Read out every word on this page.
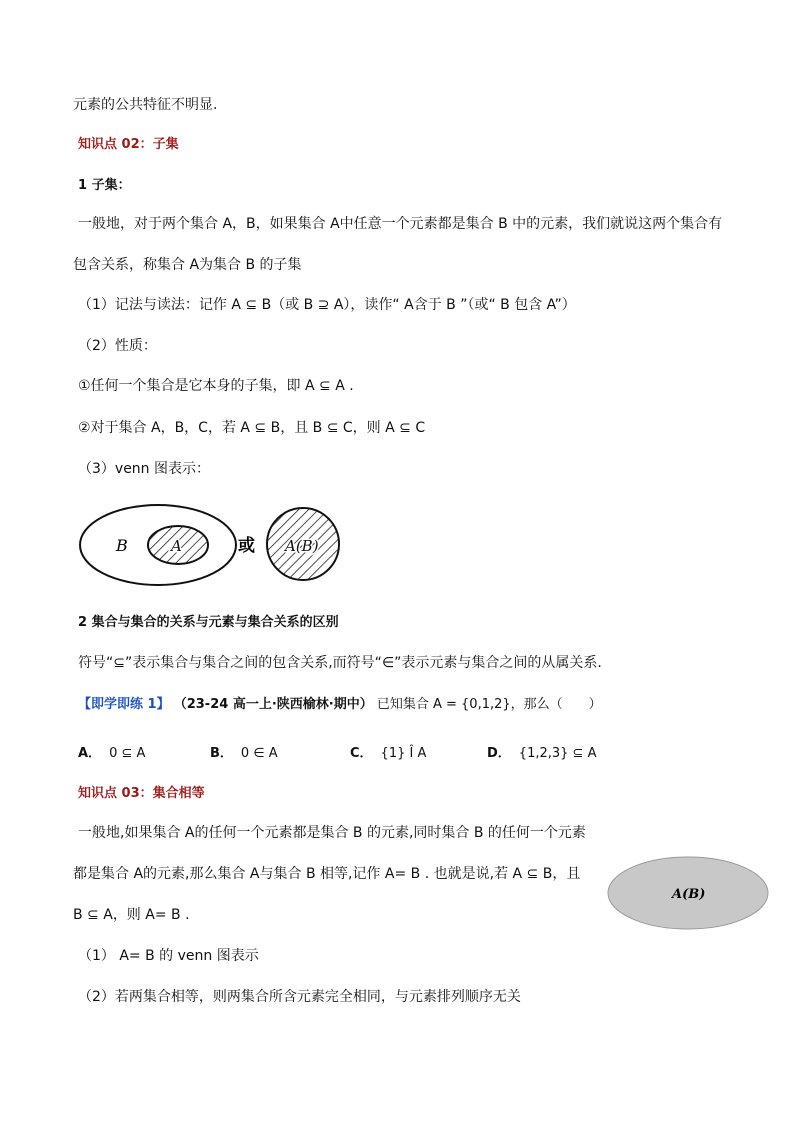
元素的公共特征不明显.
知识点 02：子集
1 子集：
一般地，对于两个集合 A，B，如果集合 A中任意一个元素都是集合 B 中的元素，我们就说这两个集合有
包含关系，称集合 A为集合 B 的子集
（1）记法与读法：记作 A ⊆ B（或 B ⊇ A），读作“ A含于 B ”（或“ B 包含 A”）
（2）性质：
①任何一个集合是它本身的子集，即 A ⊆ A .
②对于集合 A，B，C，若 A ⊆ B，且 B ⊆ C，则 A ⊆ C
（3）venn 图表示：
B	A	或 A(B)
2 集合与集合的关系与元素与集合关系的区别
符号“⊆”表示集合与集合之间的包含关系,而符号“∈”表示元素与集合之间的从属关系.
【即学即练 1】 （23-24 高一上·陕西榆林·期中） 已知集合 A = {0,1,2}，那么（　　）
A． 0 ⊆ A	B． 0 ∈ A	C． {1} Î A	D． {1,2,3} ⊆ A
知识点 03：集合相等
一般地,如果集合 A的任何一个元素都是集合 B 的元素,同时集合 B 的任何一个元素
都是集合 A的元素,那么集合 A与集合 B 相等,记作 A= B . 也就是说,若 A ⊆ B，且
B ⊆ A，则 A= B .
A(B)
（1） A= B 的 venn 图表示
（2）若两集合相等，则两集合所含元素完全相同，与元素排列顺序无关
